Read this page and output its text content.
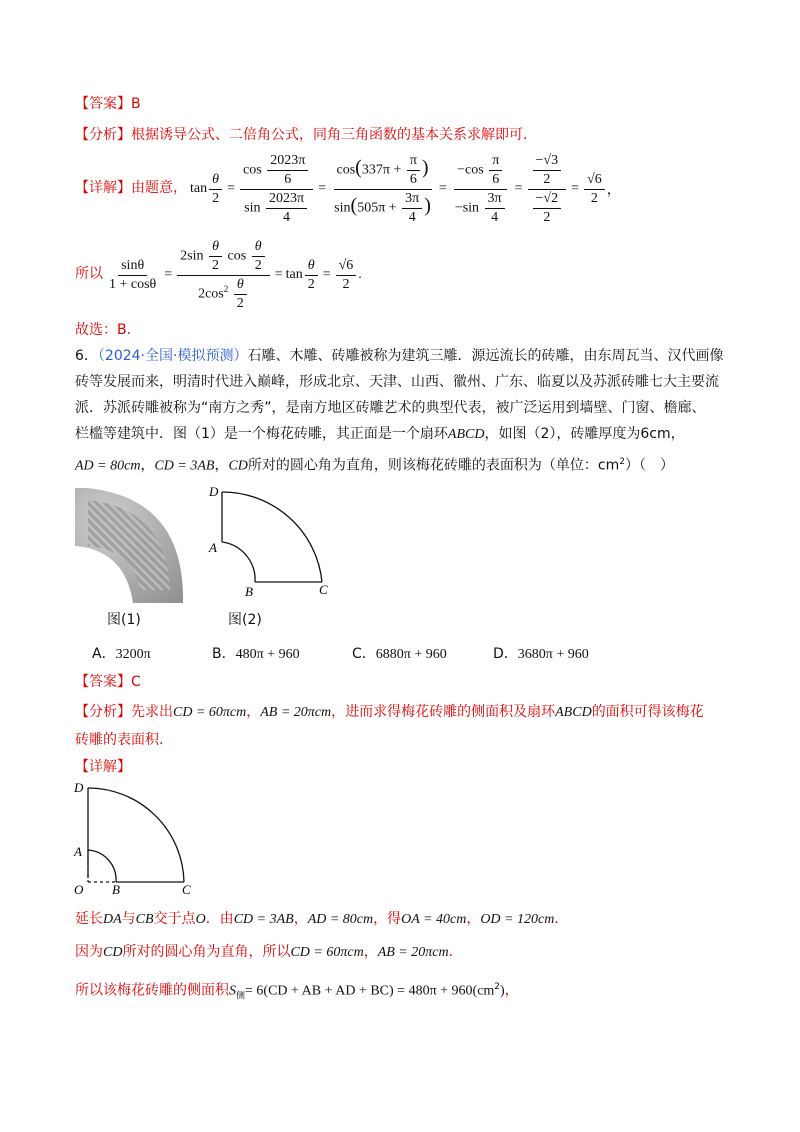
【答案】B
【分析】根据诱导公式、二倍角公式，同角三角函数的基本关系求解即可.
【详解】由题意， $\tan \frac{\theta}{2} = \frac{\cos \frac{2023\pi}{6}}{\sin \frac{2023\pi}{4}} = \frac{\cos(337\pi + \frac{\pi}{6} )}{\sin(505\pi + \frac{3\pi}{4} )} = \frac{-\cos \frac{\pi}{6}}{-\sin \frac{3\pi}{4}} = \frac{\frac{-√3}{2}}{\frac{-√2}{2}} = \frac{√6}{2}$ ，
所以 $\frac{\sin\theta}{1 + \cos\theta} = \frac{2\sin \frac{\theta}{2} \cos \frac{\theta}{2}}{2\cos^2 \frac{\theta}{2}} = \tan \frac{\theta}{2} = \frac{√6}{2}$ .
故选：B.
6．（2024·全国·模拟预测）石雕、木雕、砖雕被称为建筑三雕．源远流长的砖雕，由东周瓦当、汉代画像
砖等发展而来，明清时代进入巅峰，形成北京、天津、山西、徽州、广东、临夏以及苏派砖雕七大主要流
派．苏派砖雕被称为“南方之秀”，是南方地区砖雕艺术的典型代表，被广泛运用到墙壁、门窗、檐廊、
栏槛等建筑中．图（1）是一个梅花砖雕，其正面是一个扇环ABCD，如图（2），砖雕厚度为6cm，
AD = 80cm，CD = 3AB，CD所对的圆心角为直角，则该梅花砖雕的表面积为（单位：$cm^2$）（　）
D
A
B	C
图(1)	图(2)
A．3200π	B．480π + 960	C．6880π + 960	D．3680π + 960
【答案】C
【分析】先求出CD = 60πcm，AB = 20πcm，进而求得梅花砖雕的侧面积及扇环ABCD的面积可得该梅花
砖雕的表面积.
【详解】
D
A
O B	C
延长DA与CB交于点O．由CD = 3AB，AD = 80cm，得OA = 40cm，OD = 120cm．
因为CD所对的圆心角为直角，所以CD = 60πcm，AB = 20πcm．
所以该梅花砖雕的侧面积$S_侧= 6(CD$ + AB + AD + $BC) = 480\pi + 960(cm^2)$，
